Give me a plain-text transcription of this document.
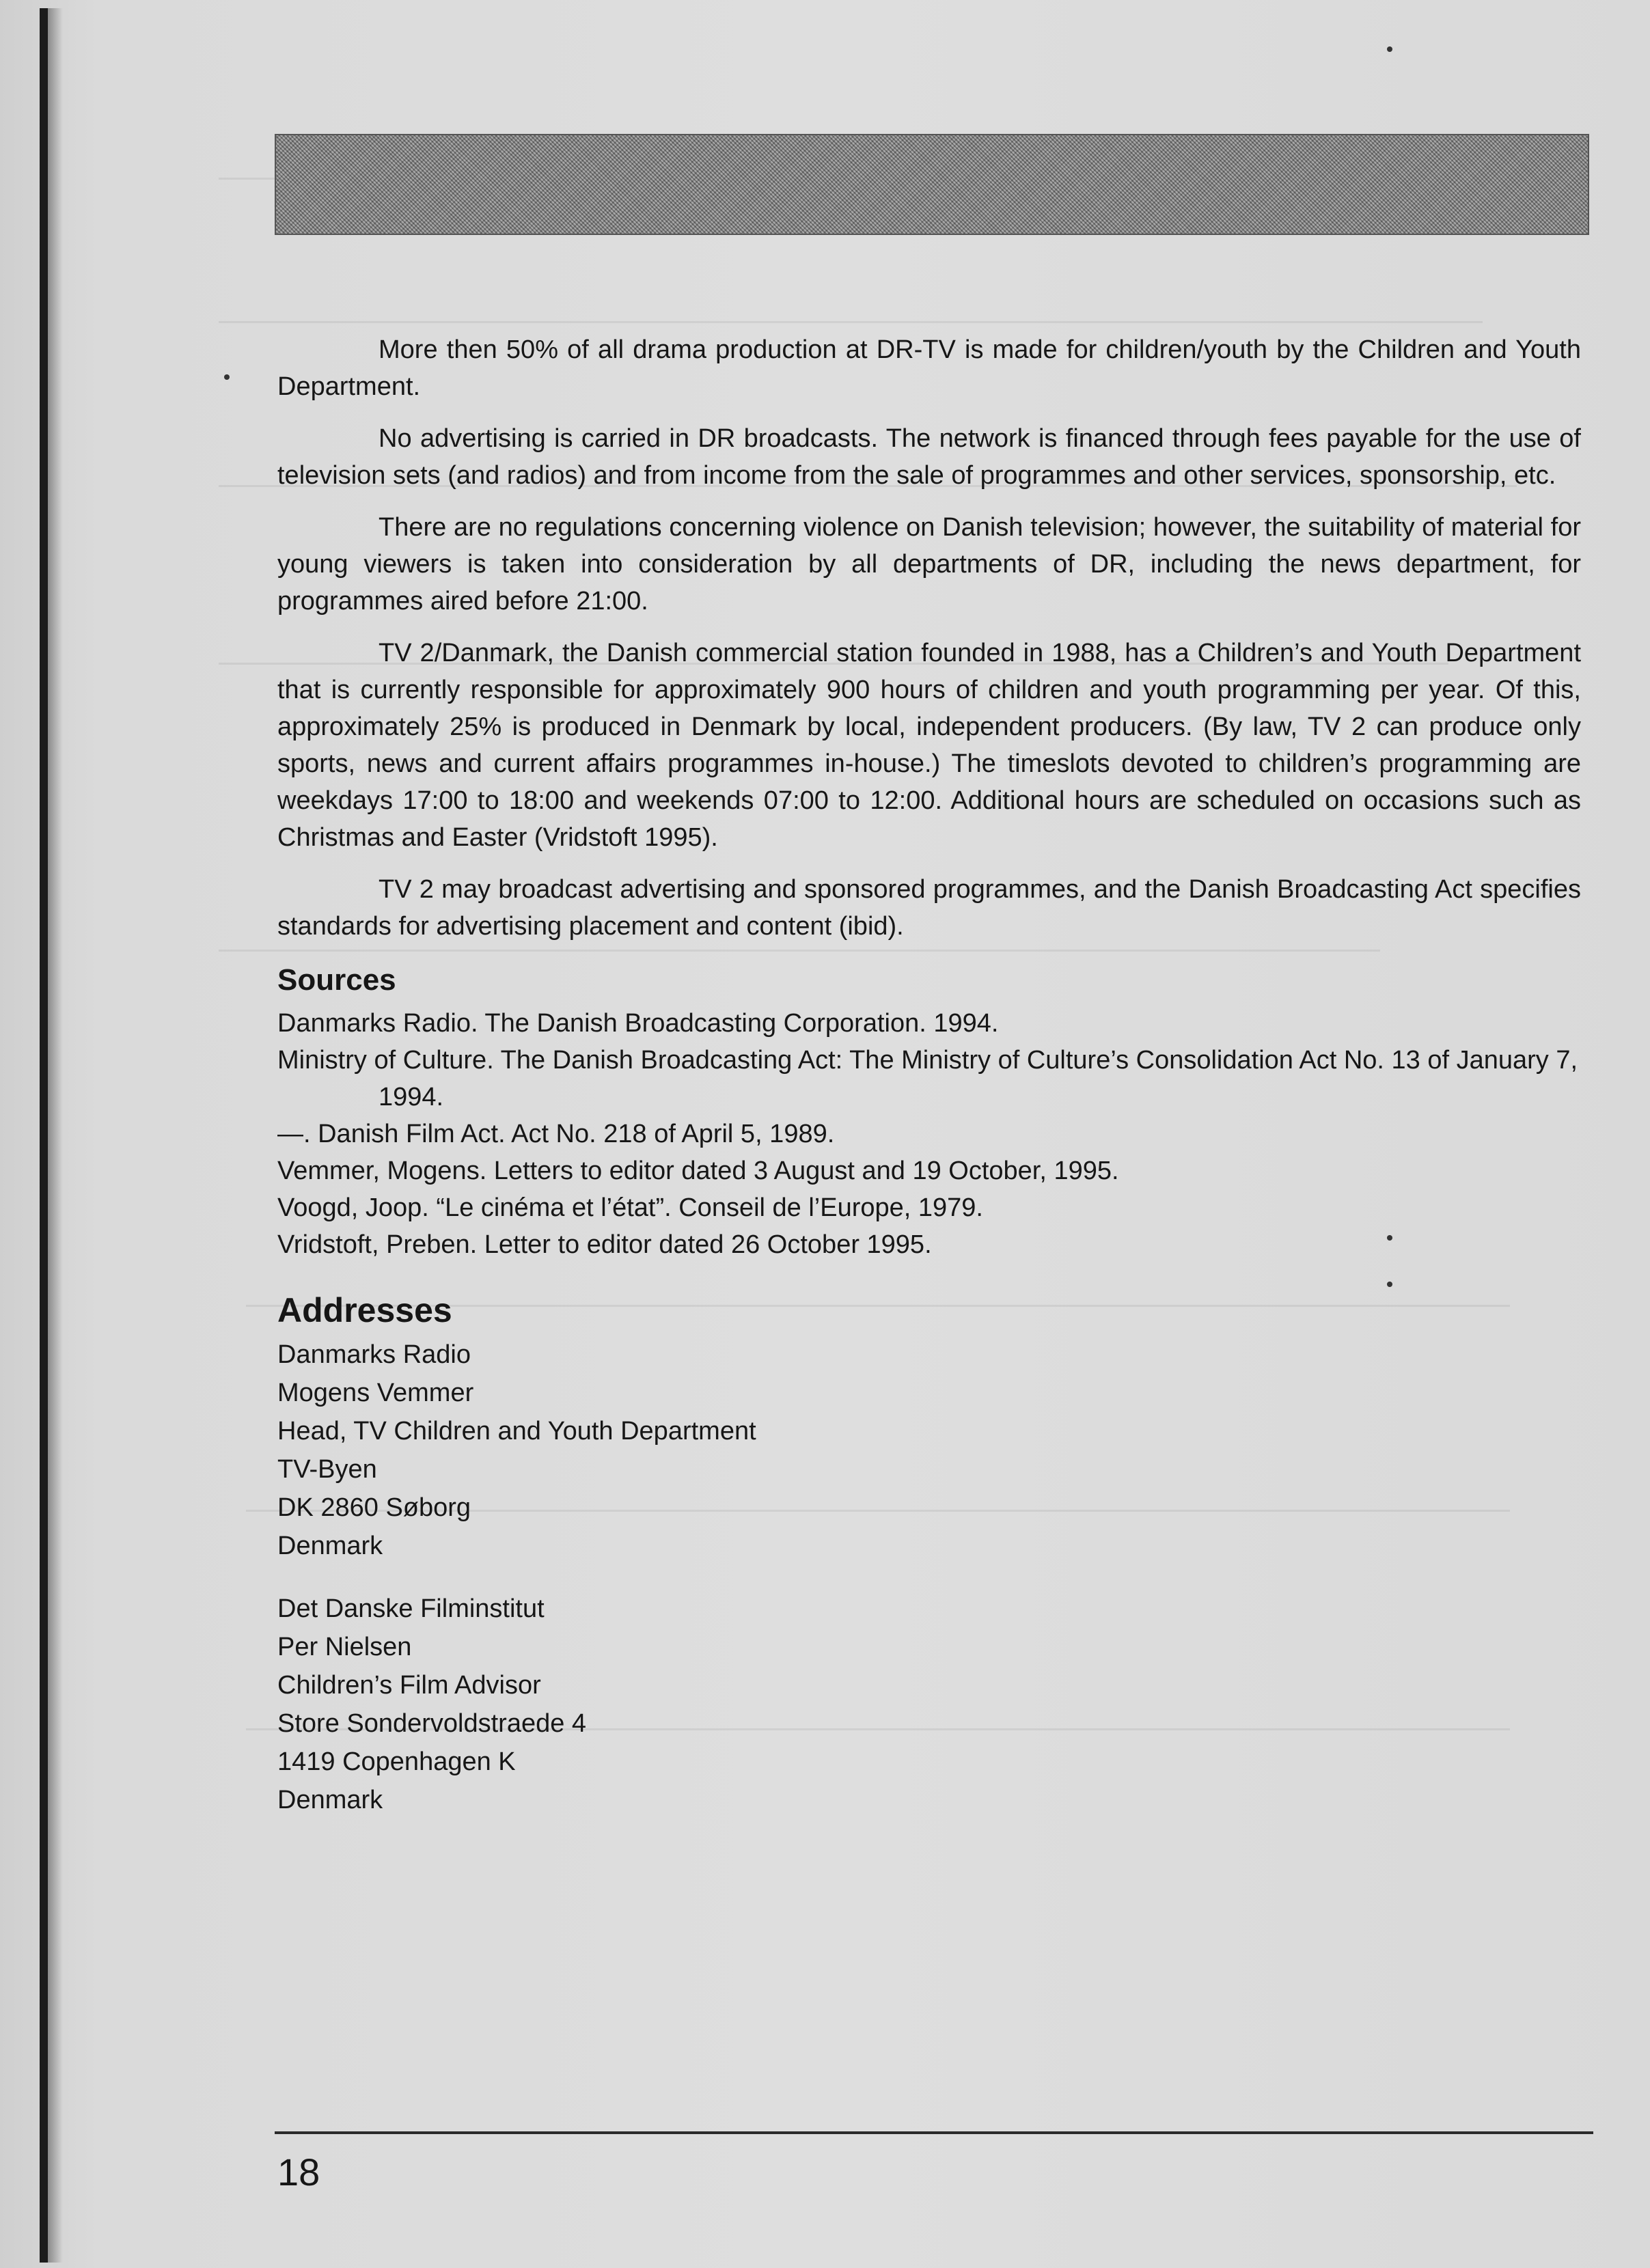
More then 50% of all drama production at DR-TV is made for children/youth by the Children and Youth Department.

No advertising is carried in DR broadcasts. The network is financed through fees payable for the use of television sets (and radios) and from income from the sale of programmes and other services, sponsorship, etc.

There are no regulations concerning violence on Danish television; however, the suitability of material for young viewers is taken into consideration by all departments of DR, including the news department, for programmes aired before 21:00.

TV 2/Danmark, the Danish commercial station founded in 1988, has a Children’s and Youth Department that is currently responsible for approximately 900 hours of children and youth programming per year. Of this, approximately 25% is produced in Denmark by local, independent producers. (By law, TV 2 can produce only sports, news and current affairs programmes in-house.) The timeslots devoted to children’s programming are weekdays 17:00 to 18:00 and weekends 07:00 to 12:00. Additional hours are scheduled on occasions such as Christmas and Easter (Vridstoft 1995).

TV 2 may broadcast advertising and sponsored programmes, and the Danish Broadcasting Act specifies standards for advertising placement and content (ibid).

Sources

Danmarks Radio. The Danish Broadcasting Corporation. 1994.

Ministry of Culture. The Danish Broadcasting Act: The Ministry of Culture’s Consolidation Act No. 13 of January 7, 1994.

—. Danish Film Act. Act No. 218 of April 5, 1989.

Vemmer, Mogens. Letters to editor dated 3 August and 19 October, 1995.

Voogd, Joop. “Le cinéma et l’état”. Conseil de l’Europe, 1979.

Vridstoft, Preben. Letter to editor dated 26 October 1995.

Addresses
Danmarks Radio
Mogens Vemmer
Head, TV Children and Youth Department
TV-Byen
DK 2860 Søborg
Denmark
Det Danske Filminstitut
Per Nielsen
Children’s Film Advisor
Store Sondervoldstraede 4
1419 Copenhagen K
Denmark
18
